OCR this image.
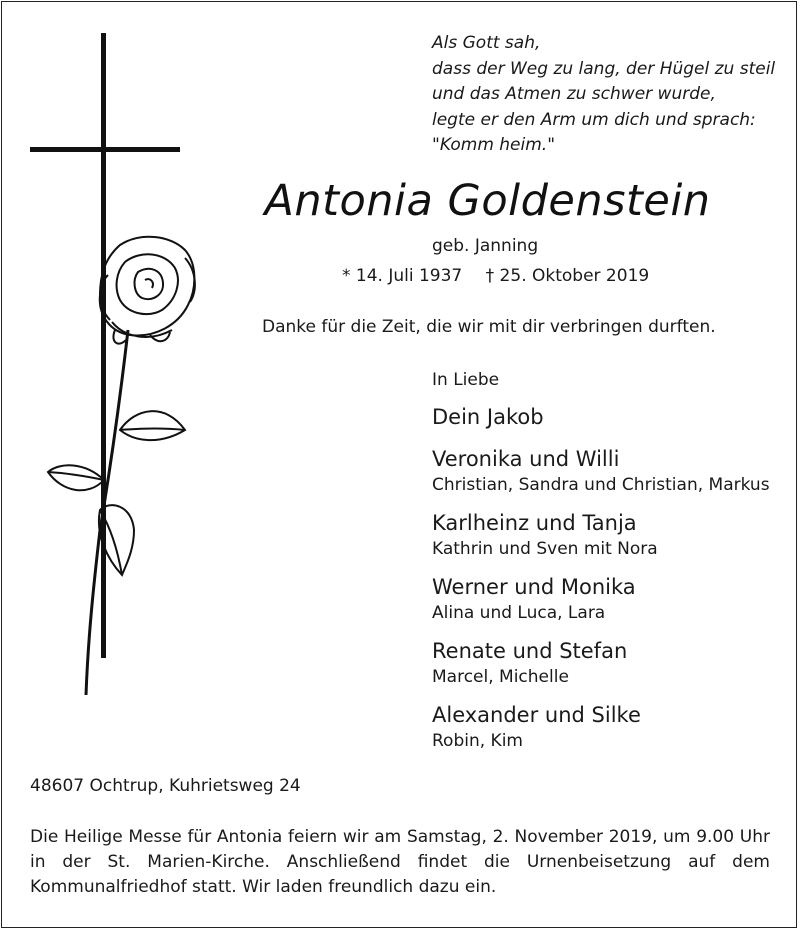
Als Gott sah,
dass der Weg zu lang, der Hügel zu steil
und das Atmen zu schwer wurde,
legte er den Arm um dich und sprach:
"Komm heim."
Antonia Goldenstein
geb. Janning
* 14. Juli 1937 † 25. Oktober 2019
Danke für die Zeit, die wir mit dir verbringen durften.
In Liebe
Dein Jakob
Veronika und Willi
Christian, Sandra und Christian, Markus
Karlheinz und Tanja
Kathrin und Sven mit Nora
Werner und Monika
Alina und Luca, Lara
Renate und Stefan
Marcel, Michelle
Alexander und Silke
Robin, Kim
48607 Ochtrup, Kuhrietsweg 24
Die Heilige Messe für Antonia feiern wir am Samstag, 2. November 2019, um 9.00 Uhr in der St. Marien-Kirche. Anschließend findet die Urnenbeisetzung auf dem Kommunalfriedhof statt. Wir laden freundlich dazu ein.
